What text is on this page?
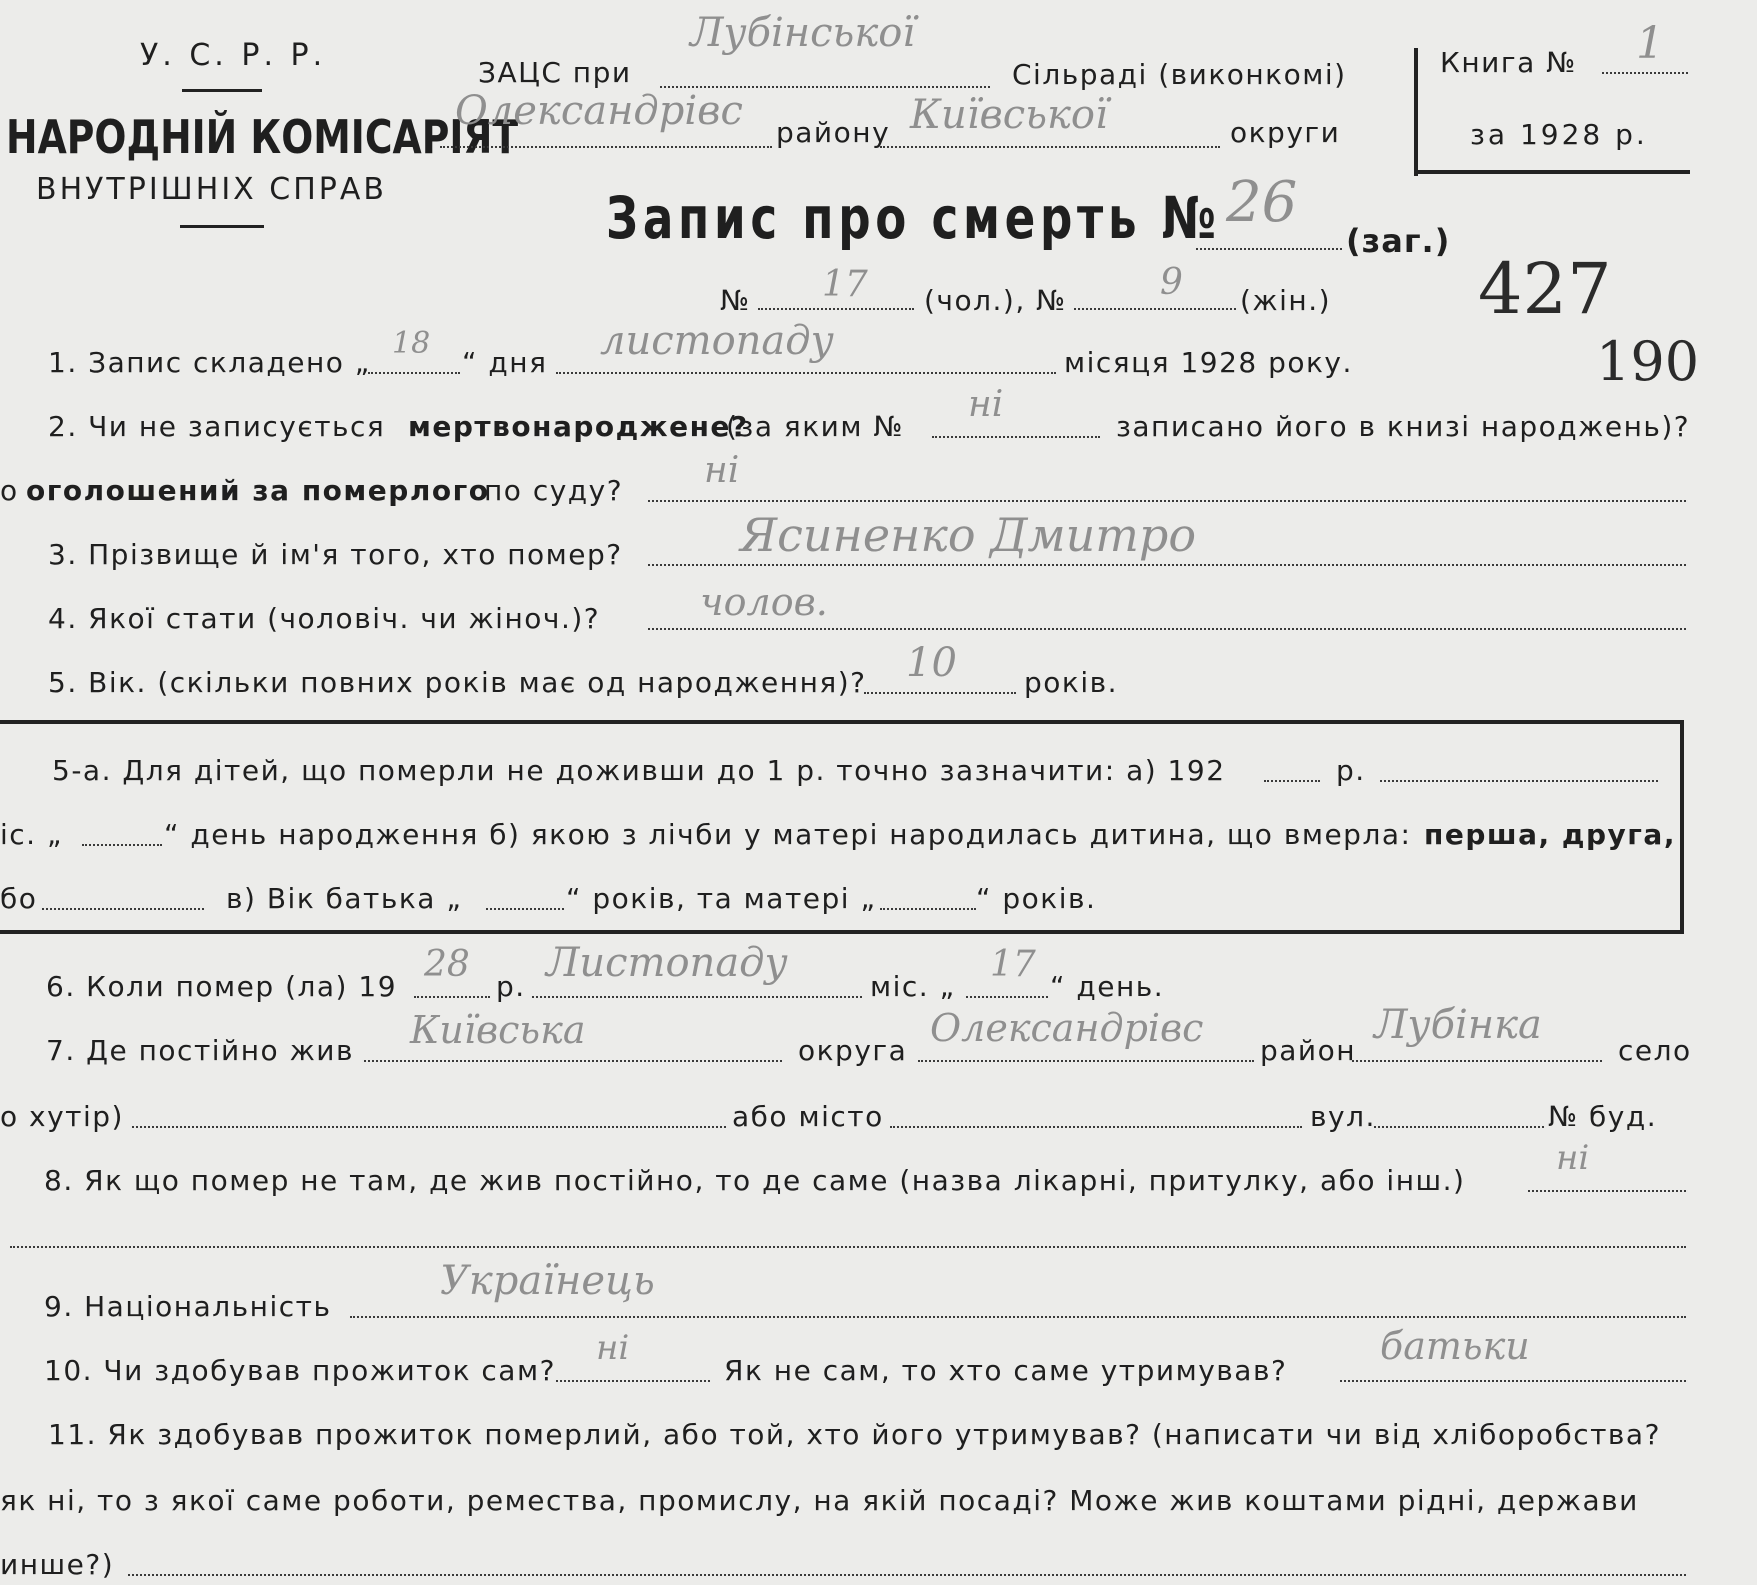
У. С. Р. Р.
НАРОДНІЙ КОМІСАРІЯТ
ВНУТРІШНІХ СПРАВ
ЗАЦС при
Лубінської
Сільраді (виконкомі)
Олександрівс району Київської	округи
Книга № 1
за 1928 р.
Запис про смерть № 26
(заг.)
№ 17 (чол.), №	9 (жін.) 427
190
1. Запис складено „
18
“ дня листопаду	місяця 1928 року.
2. Чи не записується мертвонароджене?
(за яким №
ні
записано його в книзі народжень)?
о оголошений за померлого
по суду? ні
3. Прізвище й ім'я того, хто помер?	Ясиненко Дмитро
4. Якої стати (чоловіч. чи жіноч.)?	чолов.
5. Вік. (скільки повних років має од народження)? 10 років.
5-а. Для дітей, що померли не доживши до 1 р. точно зазначити: а) 192	р.
іс. „	“ день народження б) якою з лічби у матері народилась дитина, що вмерла: перша, друга,
бо	в) Вік батька „	“ років, та матері „	“ років.
6. Коли помер (ла) 19
28
р.
Листопаду
міс. „
17
“ день.
7. Де постійно жив Київська	округа
Олександрівс
район
Лубінка
село
о хутір)	або місто	вул.	№ буд.
8. Як що помер не там, де жив постійно, то де саме (назва лікарні, притулку, або інш.)
ні
9. Національність
Українець
10. Чи здобував прожиток сам?
ні
Як не сам, то хто саме утримував?
батьки
11. Як здобував прожиток померлий, або той, хто його утримував? (написати чи від хліборобства?
як ні, то з якої саме роботи, ремества, промислу, на якій посаді? Може жив коштами рідні, держави
инше?)
